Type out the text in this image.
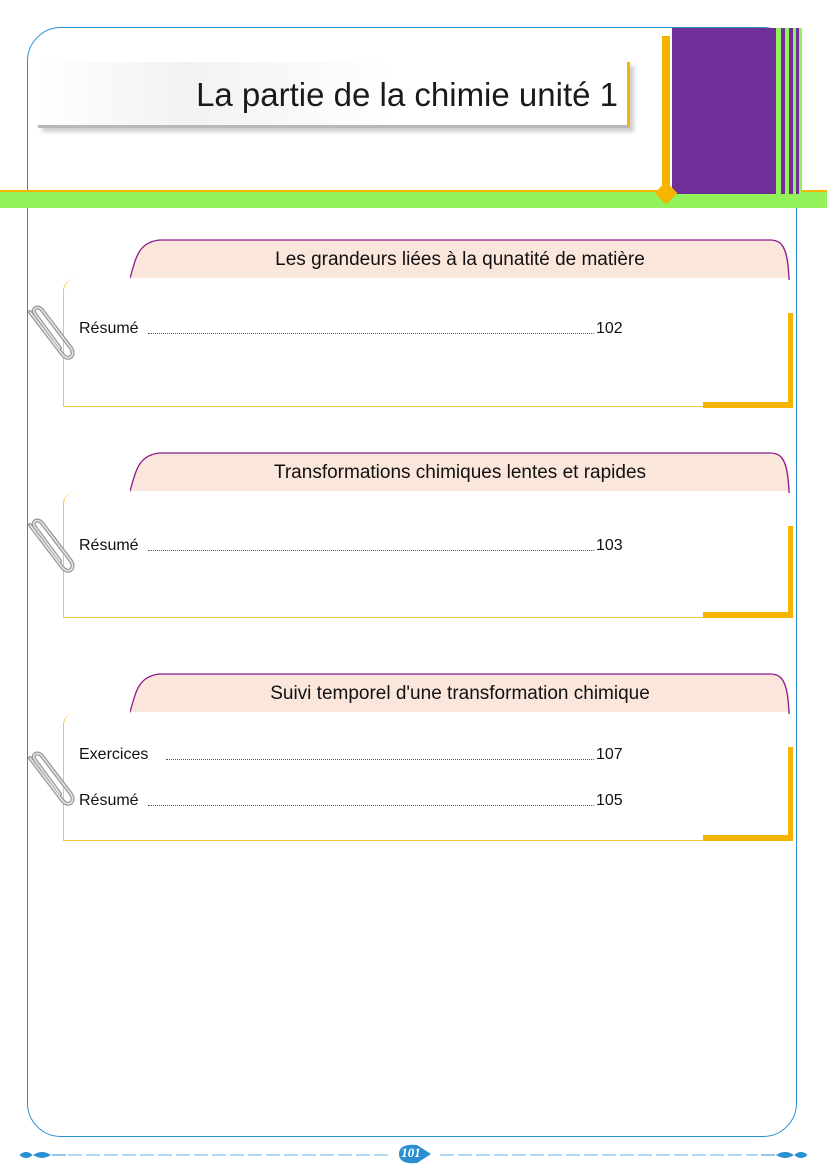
La partie de la chimie unité 1
Les grandeurs liées à la qunatité de matière
Résumé	102
Transformations chimiques lentes et rapides
Résumé	103
Suivi temporel d'une transformation chimique
Exercices	107
Résumé	105
101
